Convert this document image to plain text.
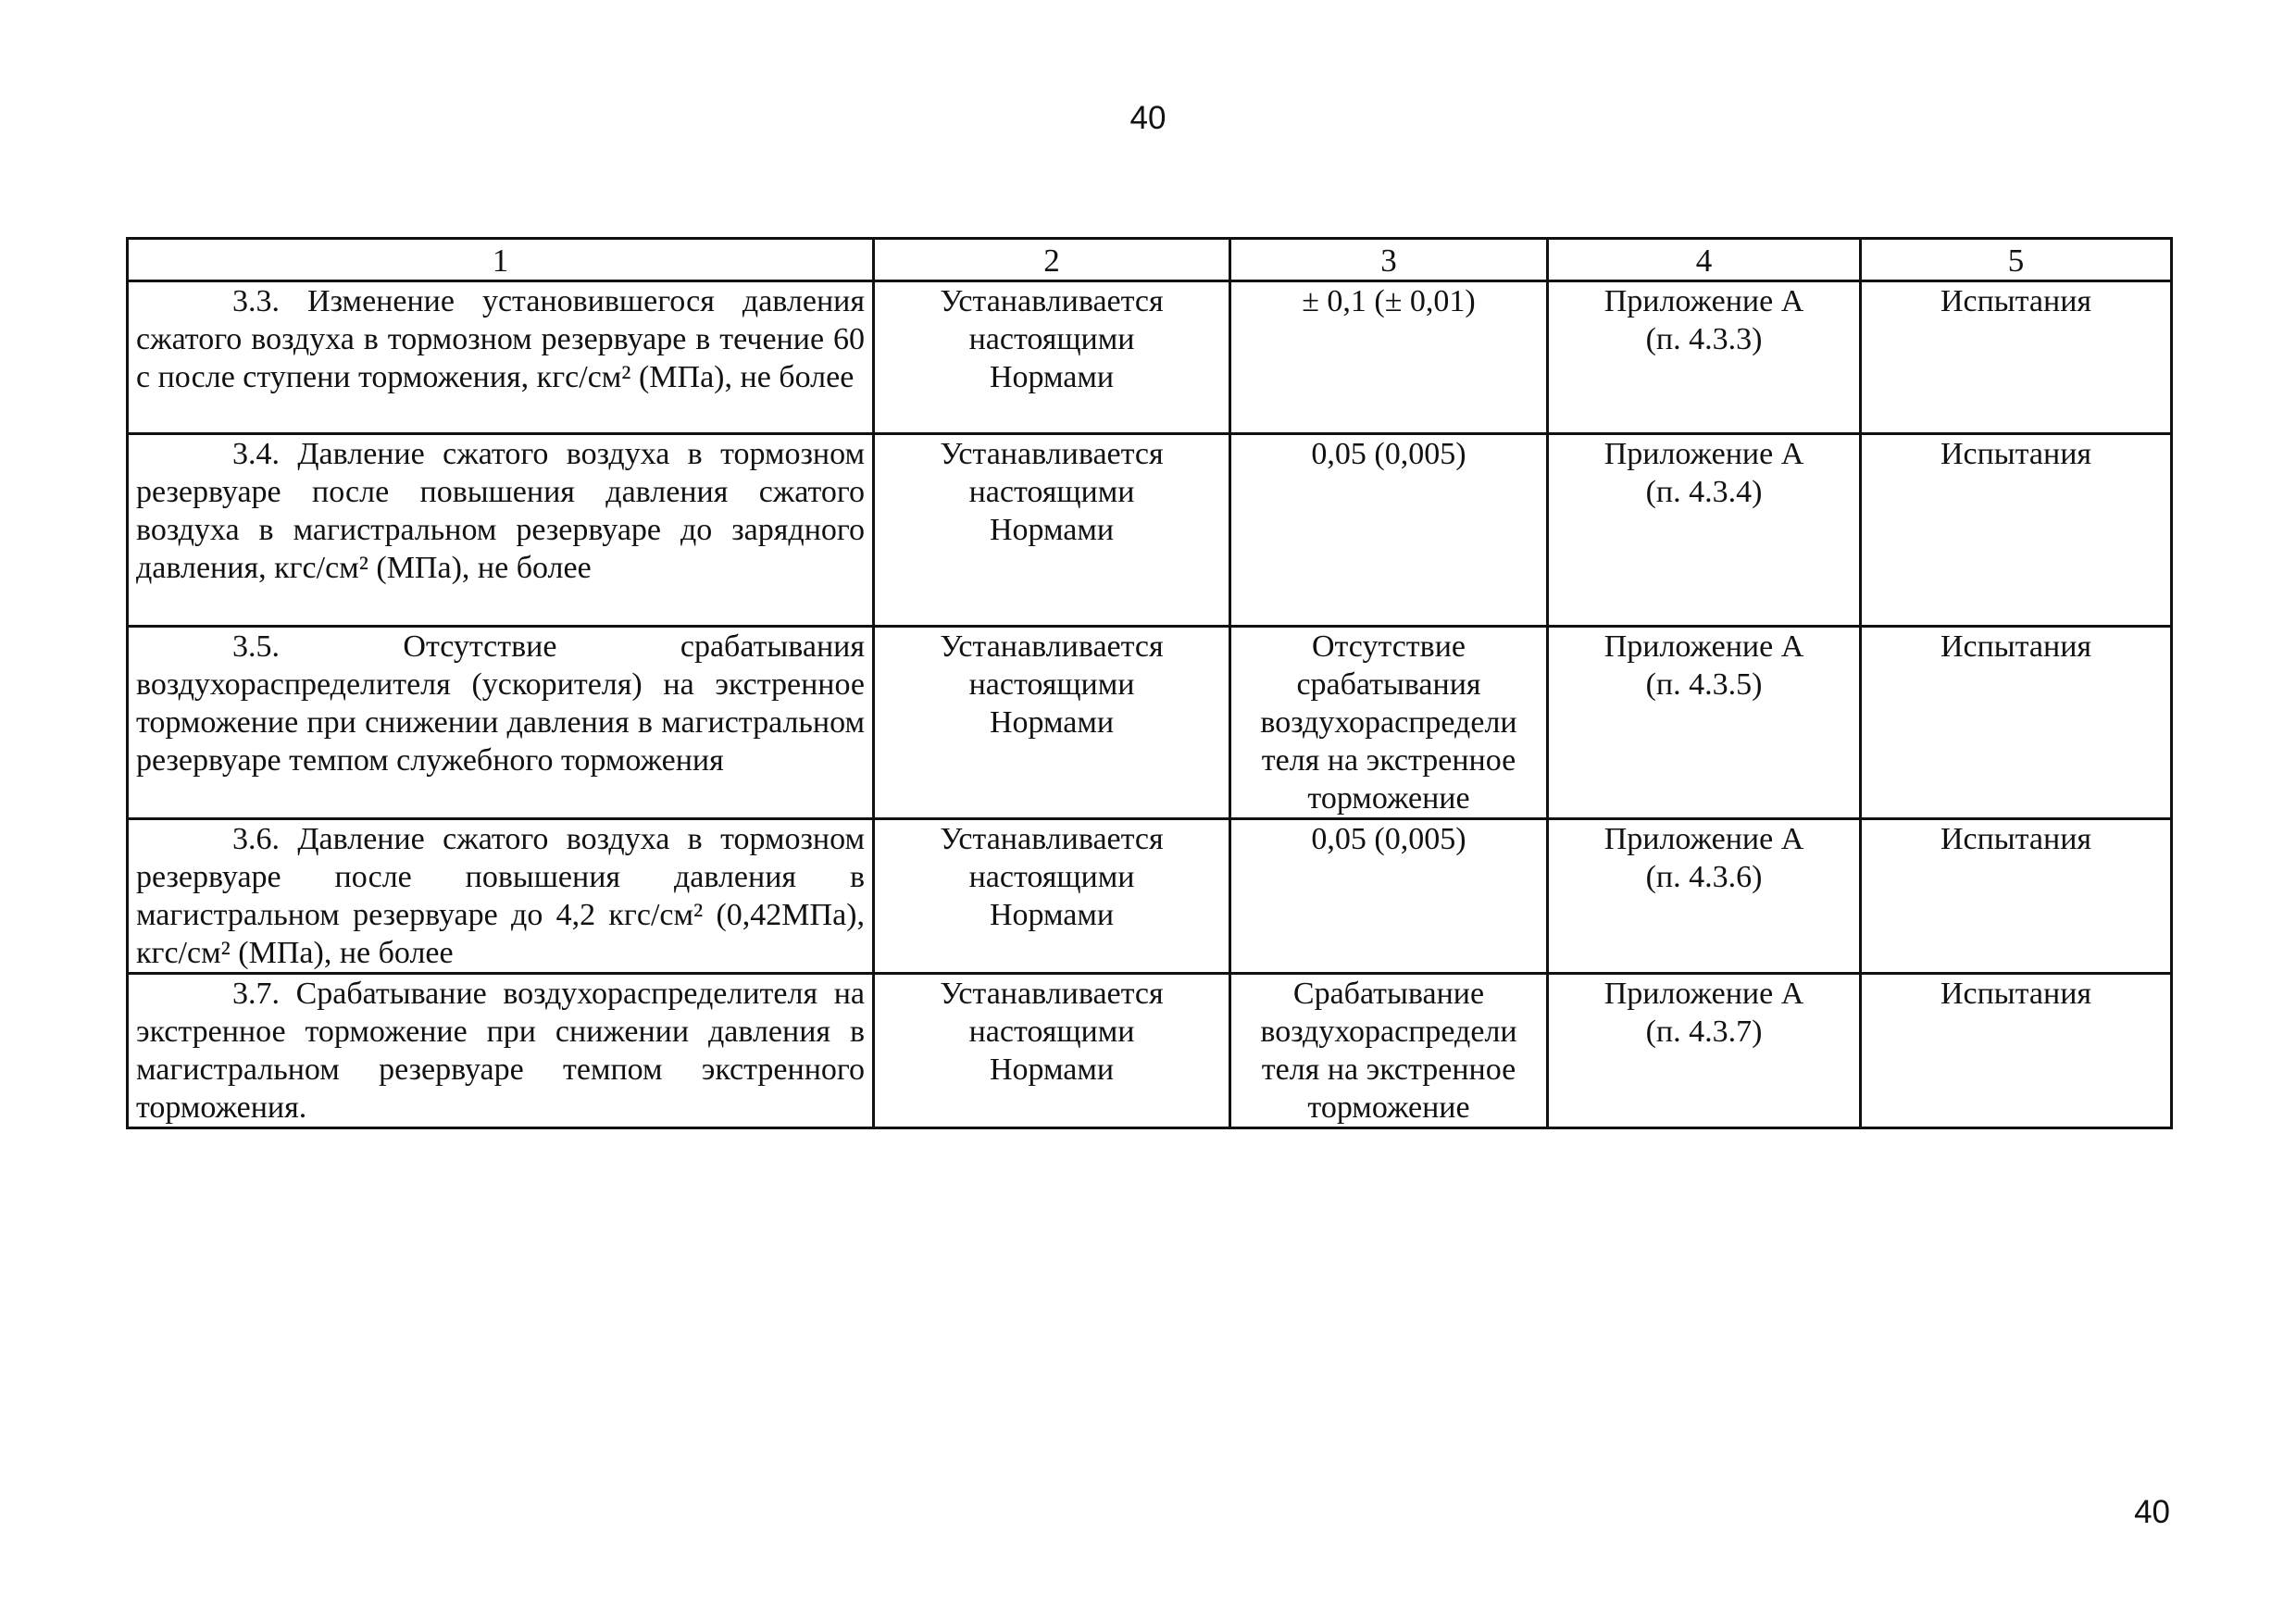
40
1	2	3	4	5

3.3. Изменение установившегося давления сжатого воздуха в тормозном резервуаре в течение 60 с после ступени торможения, кгс/см² (МПа), не более	Устанавливается
настоящими
Нормами	± 0,1 (± 0,01)	Приложение А
(п. 4.3.3)	Испытания

3.4. Давление сжатого воздуха в тормозном резервуаре после повышения давления сжатого воздуха в магистральном резервуаре до зарядного давления, кгс/см² (МПа), не более	Устанавливается
настоящими
Нормами	0,05 (0,005)	Приложение А
(п. 4.3.4)	Испытания

3.5. Отсутствие срабатывания воздухораспределителя (ускорителя) на экстренное торможение при снижении давления в магистральном резервуаре темпом служебного торможения	Устанавливается
настоящими
Нормами	Отсутствие
срабатывания
воздухораспредели
теля на экстренное
торможение	Приложение А
(п. 4.3.5)	Испытания

3.6. Давление сжатого воздуха в тормозном резервуаре после повышения давления в магистральном резервуаре до 4,2 кгс/см² (0,42МПа), кгс/см² (МПа), не более	Устанавливается
настоящими
Нормами	0,05 (0,005)	Приложение А
(п. 4.3.6)	Испытания

3.7. Срабатывание воздухораспределителя на экстренное торможение при снижении давления в магистральном резервуаре темпом экстренного торможения.	Устанавливается
настоящими
Нормами	Срабатывание
воздухораспредели
теля на экстренное
торможение	Приложение А
(п. 4.3.7)	Испытания
40
